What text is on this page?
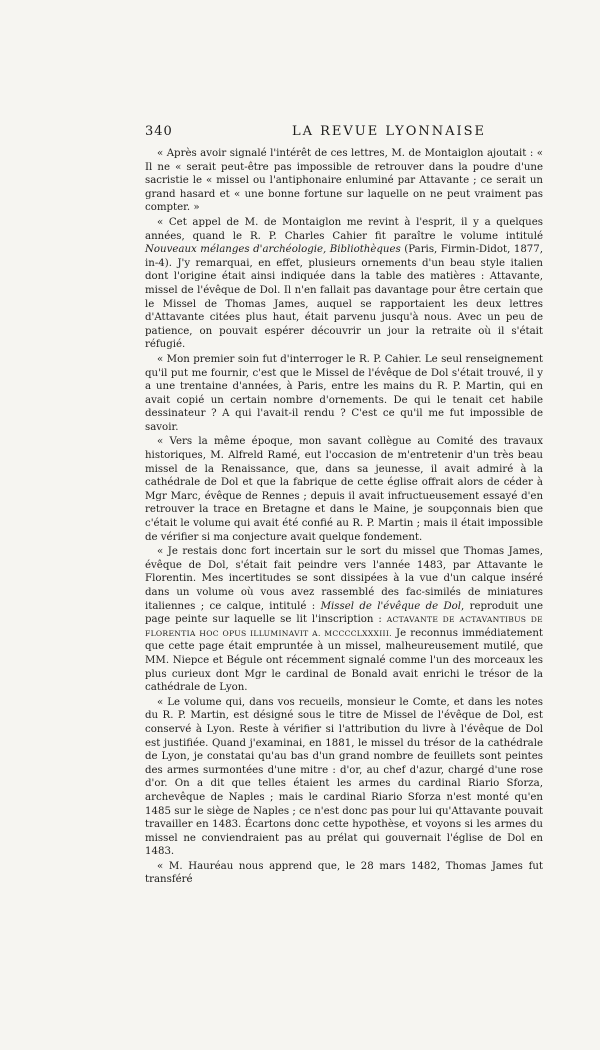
340	LA REVUE LYONNAISE

« Après avoir signalé l'intérêt de ces lettres, M. de Montaiglon ajoutait : « Il ne « serait peut-être pas impossible de retrouver dans la poudre d'une sacristie le « missel ou l'antiphonaire enluminé par Attavante ; ce serait un grand hasard et « une bonne fortune sur laquelle on ne peut vraiment pas compter. »

« Cet appel de M. de Montaiglon me revint à l'esprit, il y a quelques années, quand le R. P. Charles Cahier fit paraître le volume intitulé Nouveaux mélanges d'archéologie, Bibliothèques (Paris, Firmin-Didot, 1877, in-4). J'y remarquai, en effet, plusieurs ornements d'un beau style italien dont l'origine était ainsi indiquée dans la table des matières : Attavante, missel de l'évêque de Dol. Il n'en fallait pas davantage pour être certain que le Missel de Thomas James, auquel se rapportaient les deux lettres d'Attavante citées plus haut, était parvenu jusqu'à nous. Avec un peu de patience, on pouvait espérer découvrir un jour la retraite où il s'était réfugié.

« Mon premier soin fut d'interroger le R. P. Cahier. Le seul renseignement qu'il put me fournir, c'est que le Missel de l'évêque de Dol s'était trouvé, il y a une trentaine d'années, à Paris, entre les mains du R. P. Martin, qui en avait copié un certain nombre d'ornements. De qui le tenait cet habile dessinateur ? A qui l'avait-il rendu ? C'est ce qu'il me fut impossible de savoir.

« Vers la même époque, mon savant collègue au Comité des travaux historiques, M. Alfreld Ramé, eut l'occasion de m'entretenir d'un très beau missel de la Renaissance, que, dans sa jeunesse, il avait admiré à la cathédrale de Dol et que la fabrique de cette église offrait alors de céder à Mgr Marc, évêque de Rennes ; depuis il avait infructueusement essayé d'en retrouver la trace en Bretagne et dans le Maine, je soupçonnais bien que c'était le volume qui avait été confié au R. P. Martin ; mais il était impossible de vérifier si ma conjecture avait quelque fondement.

« Je restais donc fort incertain sur le sort du missel que Thomas James, évêque de Dol, s'était fait peindre vers l'année 1483, par Attavante le Florentin. Mes incertitudes se sont dissipées à la vue d'un calque inséré dans un volume où vous avez rassemblé des fac-similés de miniatures italiennes ; ce calque, intitulé : Missel de l'évêque de Dol, reproduit une page peinte sur laquelle se lit l'inscription : ACTAVANTE DE ACTAVANTIBUS DE FLORENTIA HOC OPUS ILLUMINAVIT A. MCCCCLXXXIII. Je reconnus immédiatement que cette page était empruntée à un missel, malheureusement mutilé, que MM. Niepce et Bégule ont récemment signalé comme l'un des morceaux les plus curieux dont Mgr le cardinal de Bonald avait enrichi le trésor de la cathédrale de Lyon.

« Le volume qui, dans vos recueils, monsieur le Comte, et dans les notes du R. P. Martin, est désigné sous le titre de Missel de l'évêque de Dol, est conservé à Lyon. Reste à vérifier si l'attribution du livre à l'évêque de Dol est justifiée. Quand j'examinai, en 1881, le missel du trésor de la cathédrale de Lyon, je constatai qu'au bas d'un grand nombre de feuillets sont peintes des armes surmontées d'une mitre : d'or, au chef d'azur, chargé d'une rose d'or. On a dit que telles étaient les armes du cardinal Riario Sforza, archevêque de Naples ; mais le cardinal Riario Sforza n'est monté qu'en 1485 sur le siège de Naples ; ce n'est donc pas pour lui qu'Attavante pouvait travailler en 1483. Écartons donc cette hypothèse, et voyons si les armes du missel ne conviendraient pas au prélat qui gouvernait l'église de Dol en 1483.

« M. Hauréau nous apprend que, le 28 mars 1482, Thomas James fut transféré
